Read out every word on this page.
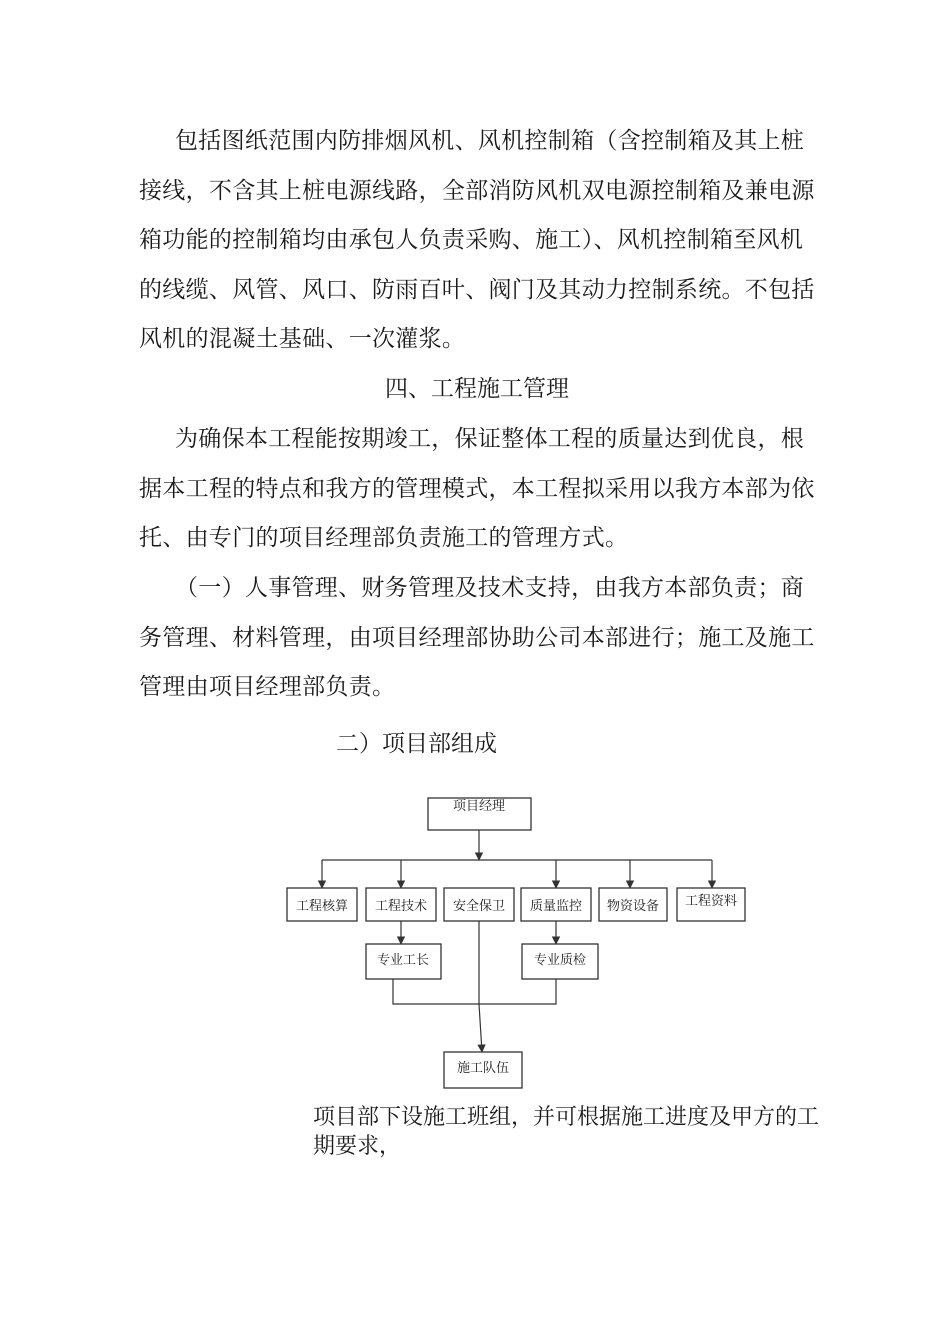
包括图纸范围内防排烟风机、风机控制箱（含控制箱及其上桩接线，不含其上桩电源线路，全部消防风机双电源控制箱及兼电源箱功能的控制箱均由承包人负责采购、施工）、风机控制箱至风机的线缆、风管、风口、防雨百叶、阀门及其动力控制系统。不包括风机的混凝土基础、一次灌浆。

四、工程施工管理

为确保本工程能按期竣工，保证整体工程的质量达到优良，根据本工程的特点和我方的管理模式，本工程拟采用以我方本部为依托、由专门的项目经理部负责施工的管理方式。

（一）人事管理、财务管理及技术支持，由我方本部负责；商务管理、材料管理，由项目经理部协助公司本部进行；施工及施工管理由项目经理部负责。

二）项目部组成

项目经理
工程核算 工程技术 安全保卫 质量监控 物资设备 工程资料
专业工长	专业质检
施工队伍

项目部下设施工班组，并可根据施工进度及甲方的工期要求，
